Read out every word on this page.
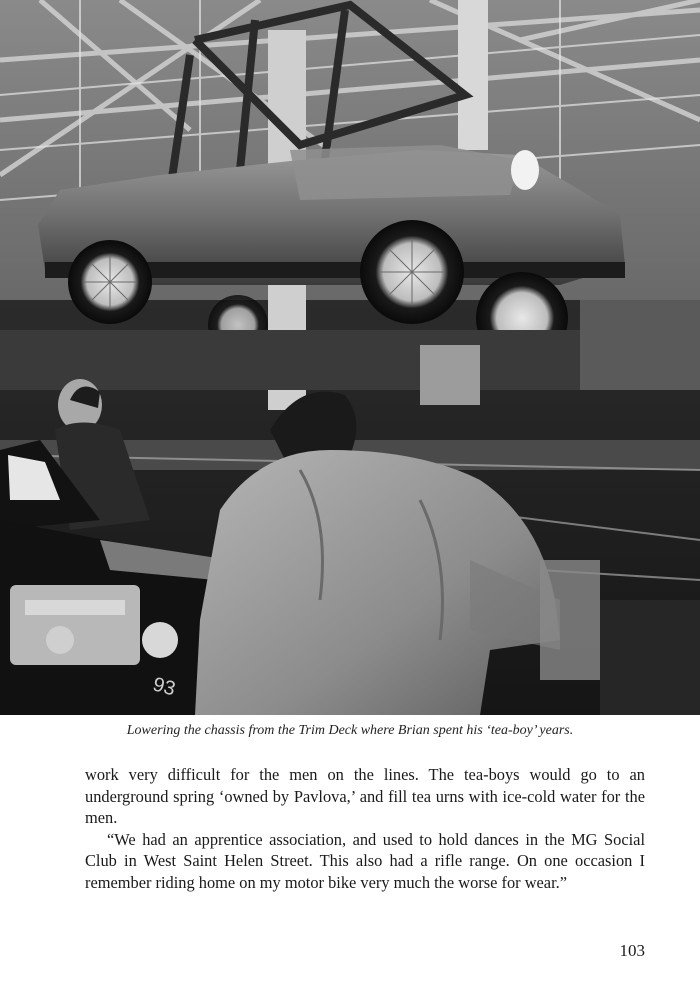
93
Lowering the chassis from the Trim Deck where Brian spent his ‘tea-boy’ years.

work very difficult for the men on the lines. The tea-boys would go to an underground spring ‘owned by Pavlova,’ and fill tea urns with ice-cold water for the men.

“We had an apprentice association, and used to hold dances in the MG Social Club in West Saint Helen Street. This also had a rifle range. On one occasion I remember riding home on my motor bike very much the worse for wear.”

103
